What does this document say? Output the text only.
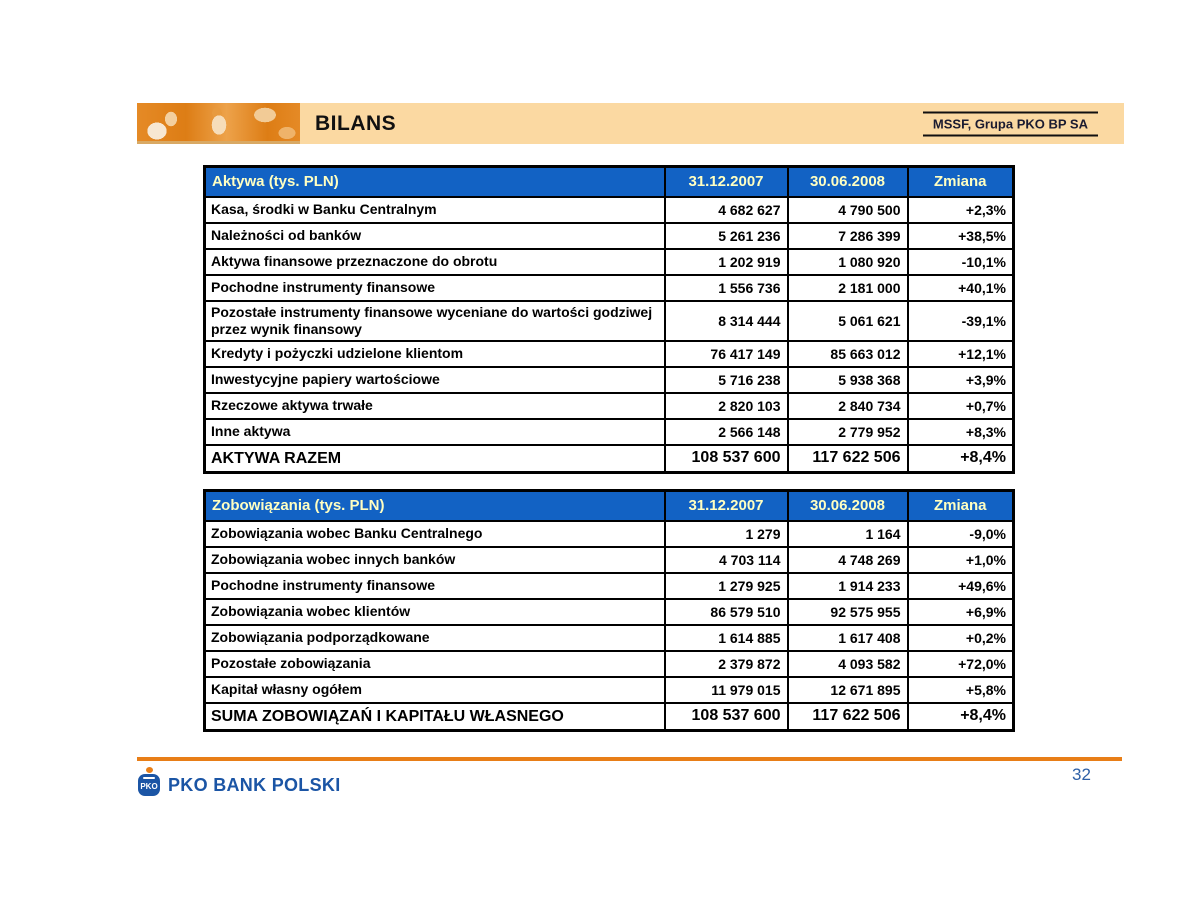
BILANS	MSSF, Grupa PKO BP SA
Aktywa (tys. PLN)	31.12.2007	30.06.2008	Zmiana
Kasa, środki w Banku Centralnym	4 682 627	4 790 500	+2,3%
Należności od banków	5 261 236	7 286 399	+38,5%
Aktywa finansowe przeznaczone do obrotu	1 202 919	1 080 920	-10,1%
Pochodne instrumenty finansowe	1 556 736	2 181 000	+40,1%
Pozostałe instrumenty finansowe wyceniane do wartości godziwej przez wynik finansowy	8 314 444	5 061 621	-39,1%
Kredyty i pożyczki udzielone klientom	76 417 149	85 663 012	+12,1%
Inwestycyjne papiery wartościowe	5 716 238	5 938 368	+3,9%
Rzeczowe aktywa trwałe	2 820 103	2 840 734	+0,7%
Inne aktywa	2 566 148	2 779 952	+8,3%
AKTYWA RAZEM	108 537 600	117 622 506	+8,4%
Zobowiązania (tys. PLN)	31.12.2007	30.06.2008	Zmiana
Zobowiązania wobec Banku Centralnego	1 279	1 164	-9,0%
Zobowiązania wobec innych banków	4 703 114	4 748 269	+1,0%
Pochodne instrumenty finansowe	1 279 925	1 914 233	+49,6%
Zobowiązania wobec klientów	86 579 510	92 575 955	+6,9%
Zobowiązania podporządkowane	1 614 885	1 617 408	+0,2%
Pozostałe zobowiązania	2 379 872	4 093 582	+72,0%
Kapitał własny ogółem	11 979 015	12 671 895	+5,8%
SUMA ZOBOWIĄZAŃ I KAPITAŁU WŁASNEGO	108 537 600	117 622 506	+8,4%
PKO PKO BANK POLSKI
32
